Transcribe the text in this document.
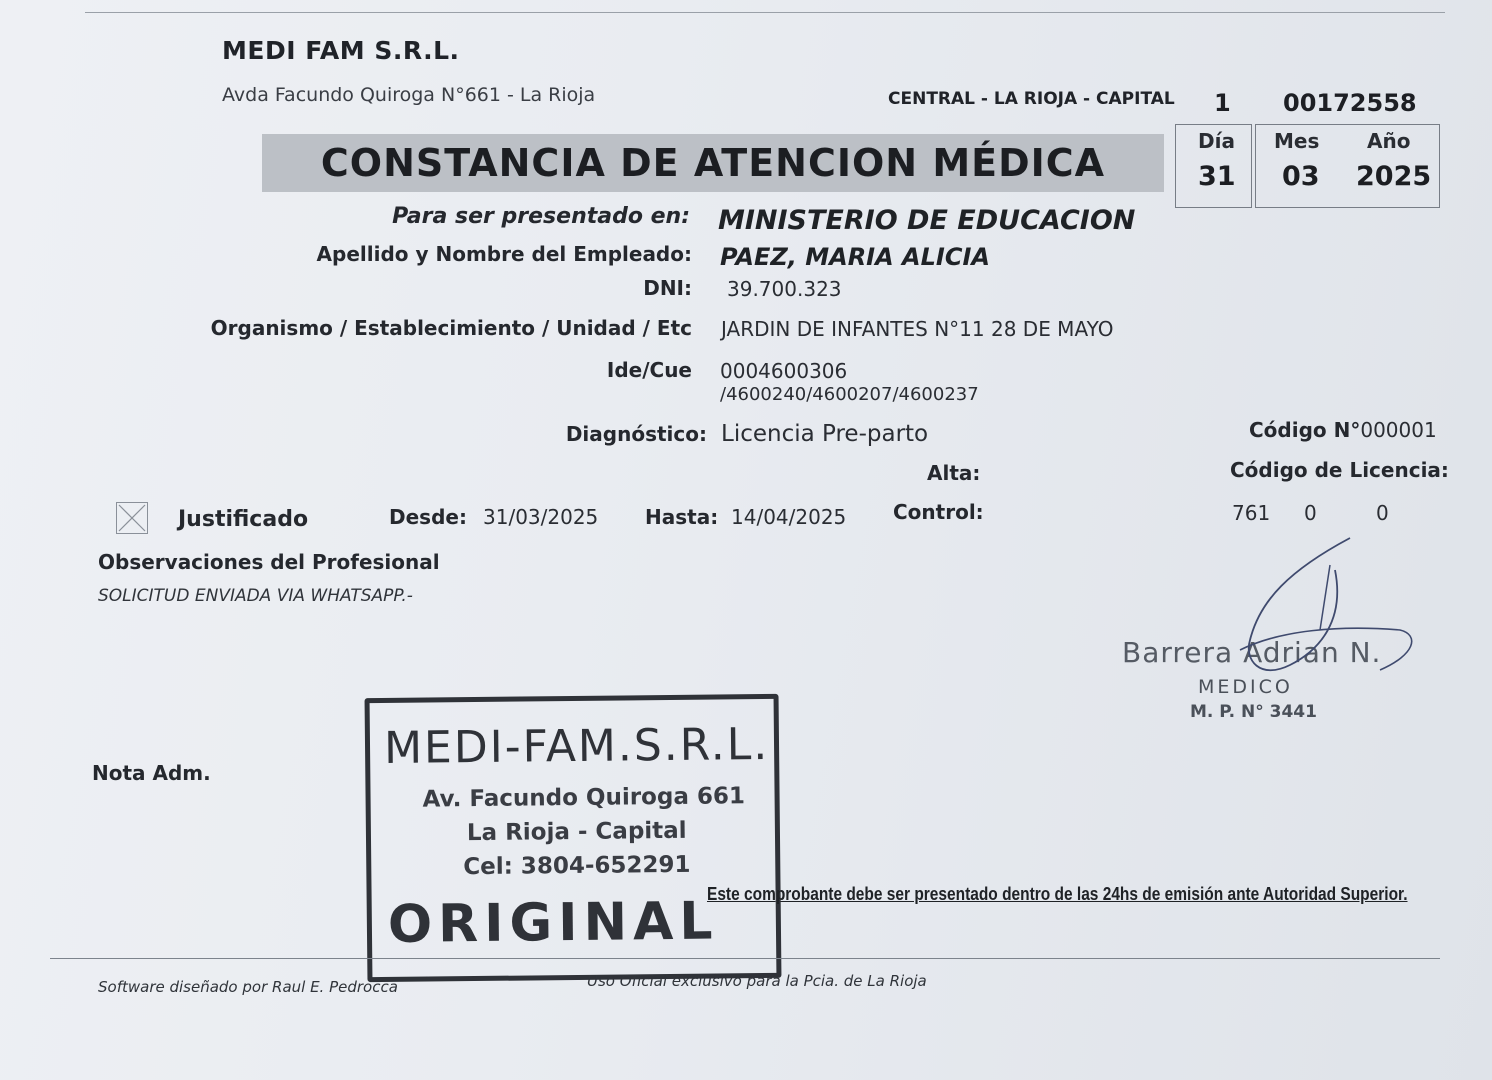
MEDI FAM S.R.L.
Avda Facundo Quiroga N°661 - La Rioja	CENTRAL - LA RIOJA - CAPITAL 1 00172558
CONSTANCIA DE ATENCION MÉDICA	Día
31
Mes
03
Año
2025
Para ser presentado en: MINISTERIO DE EDUCACION
Apellido y Nombre del Empleado: PAEZ, MARIA ALICIA
DNI: 39.700.323
Organismo / Establecimiento / Unidad / Etc JARDIN DE INFANTES N°11 28 DE MAYO
Ide/Cue 0004600306
/4600240/4600207/4600237
Diagnóstico: Licencia Pre-parto	Código N°000001
Alta:	Código de Licencia:
Justificado	Desde: 31/03/2025 Hasta: 14/04/2025 Control:	761 0	0
Observaciones del Profesional
SOLICITUD ENVIADA VIA WHATSAPP.-
Barrera Adrian N.
MEDICO
M. P. N° 3441
Nota Adm.	MEDI-FAM.S.R.L.
Av. Facundo Quiroga 661
La Rioja - Capital
Cel: 3804-652291
ORIGINAL
Este comprobante debe ser presentado dentro de las 24hs de emisión ante Autoridad Superior.
Software diseñado por Raul E. Pedrocca	Uso Oficial exclusivo para la Pcia. de La Rioja
